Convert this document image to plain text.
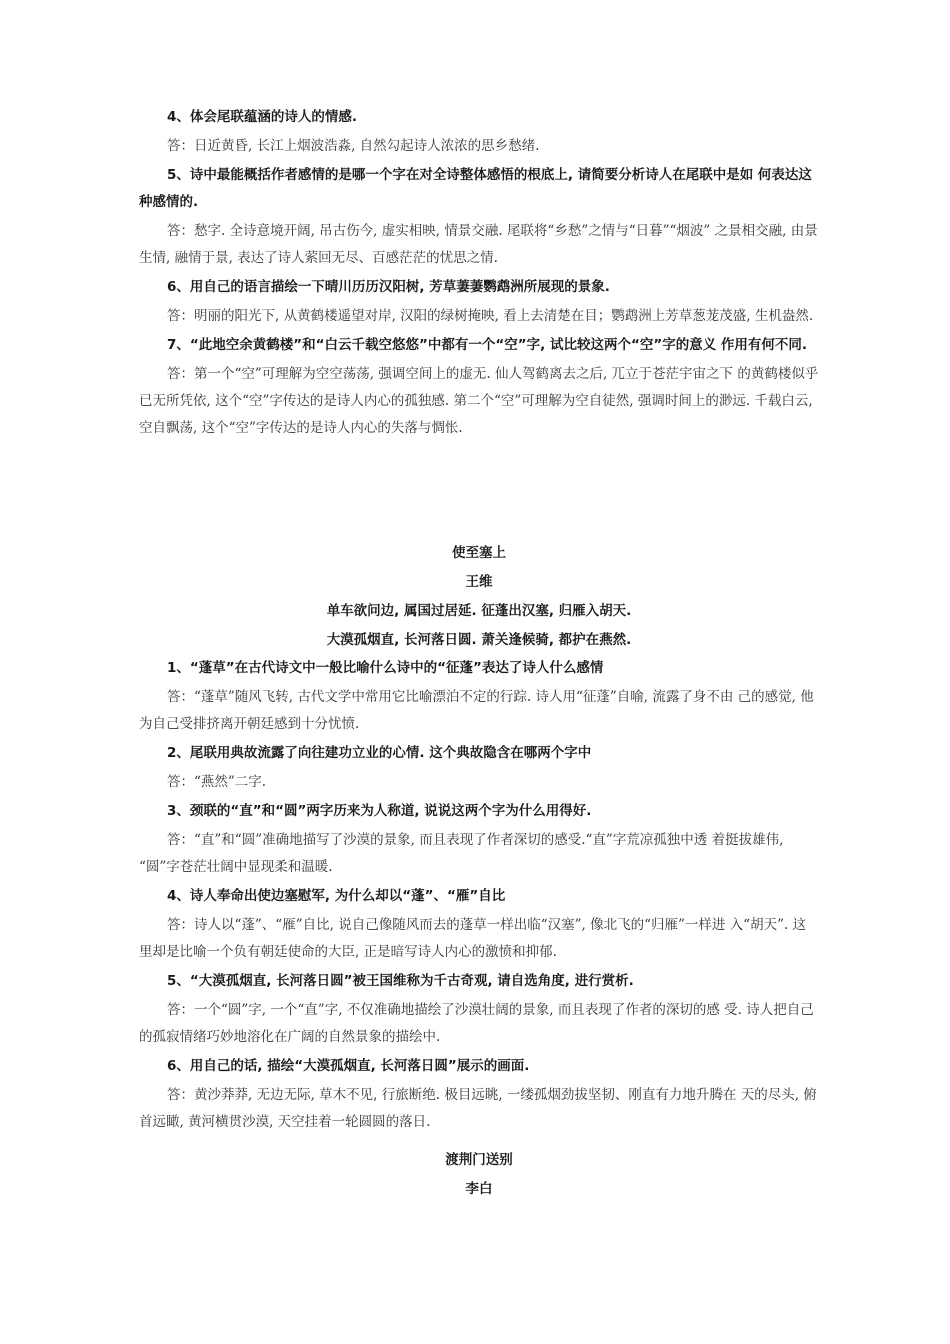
4、体会尾联蕴涵的诗人的情感.

答：日近黄昏, 长江上烟波浩淼, 自然勾起诗人浓浓的思乡愁绪.

5、诗中最能概括作者感情的是哪一个字在对全诗整体感悟的根底上, 请简要分析诗人在尾联中是如 何表达这种感情的.

答：愁字. 全诗意境开阔, 吊古伤今, 虚实相映, 情景交融. 尾联将“乡愁”之情与“日暮”“烟波” 之景相交融, 由景生情, 融情于景, 表达了诗人萦回无尽、百感茫茫的忧思之情.

6、用自己的语言描绘一下晴川历历汉阳树, 芳草萋萋鹦鹉洲所展现的景象.

答：明丽的阳光下, 从黄鹤楼遥望对岸, 汉阳的绿树掩映, 看上去清楚在目；鹦鹉洲上芳草葱茏茂盛, 生机盎然.

7、“此地空余黄鹤楼”和“白云千载空悠悠”中都有一个“空”字, 试比较这两个“空”字的意义 作用有何不同.

答：第一个“空”可理解为空空荡荡, 强调空间上的虚无. 仙人驾鹤离去之后, 兀立于苍茫宇宙之下 的黄鹤楼似乎已无所凭依, 这个“空”字传达的是诗人内心的孤独感. 第二个“空”可理解为空自徒然, 强调时间上的渺远. 千载白云, 空自飘荡, 这个“空”字传达的是诗人内心的失落与惆怅.

使至塞上

王维

单车欲问边, 属国过居延. 征蓬出汉塞, 归雁入胡天.

大漠孤烟直, 长河落日圆. 萧关逢候骑, 都护在燕然.

1、“蓬草”在古代诗文中一般比喻什么诗中的“征蓬”表达了诗人什么感情

答：“蓬草”随风飞转, 古代文学中常用它比喻漂泊不定的行踪. 诗人用“征蓬”自喻, 流露了身不由 己的感觉, 他为自己受排挤离开朝廷感到十分忧愤.

2、尾联用典故流露了向往建功立业的心情. 这个典故隐含在哪两个字中

答：“燕然”二字.

3、颈联的“直”和“圆”两字历来为人称道, 说说这两个字为什么用得好.

答：“直”和“圆”准确地描写了沙漠的景象, 而且表现了作者深切的感受.“直”字荒凉孤独中透 着挺拔雄伟, “圆”字苍茫壮阔中显现柔和温暖.

4、诗人奉命出使边塞慰军, 为什么却以“蓬”、“雁”自比

答：诗人以“蓬”、“雁”自比, 说自己像随风而去的蓬草一样出临“汉塞”, 像北飞的“归雁”一样进 入“胡天”. 这里却是比喻一个负有朝廷使命的大臣, 正是暗写诗人内心的激愤和抑郁.

5、“大漠孤烟直, 长河落日圆”被王国维称为千古奇观, 请自选角度, 进行赏析.

答：一个“圆”字, 一个“直”字, 不仅准确地描绘了沙漠壮阔的景象, 而且表现了作者的深切的感 受. 诗人把自己的孤寂情绪巧妙地溶化在广阔的自然景象的描绘中.

6、用自己的话, 描绘“大漠孤烟直, 长河落日圆”展示的画面.

答：黄沙莽莽, 无边无际, 草木不见, 行旅断绝. 极目远眺, 一缕孤烟劲拔坚韧、刚直有力地升腾在 天的尽头, 俯首远瞰, 黄河横贯沙漠, 天空挂着一轮圆圆的落日.

渡荆门送别

李白
